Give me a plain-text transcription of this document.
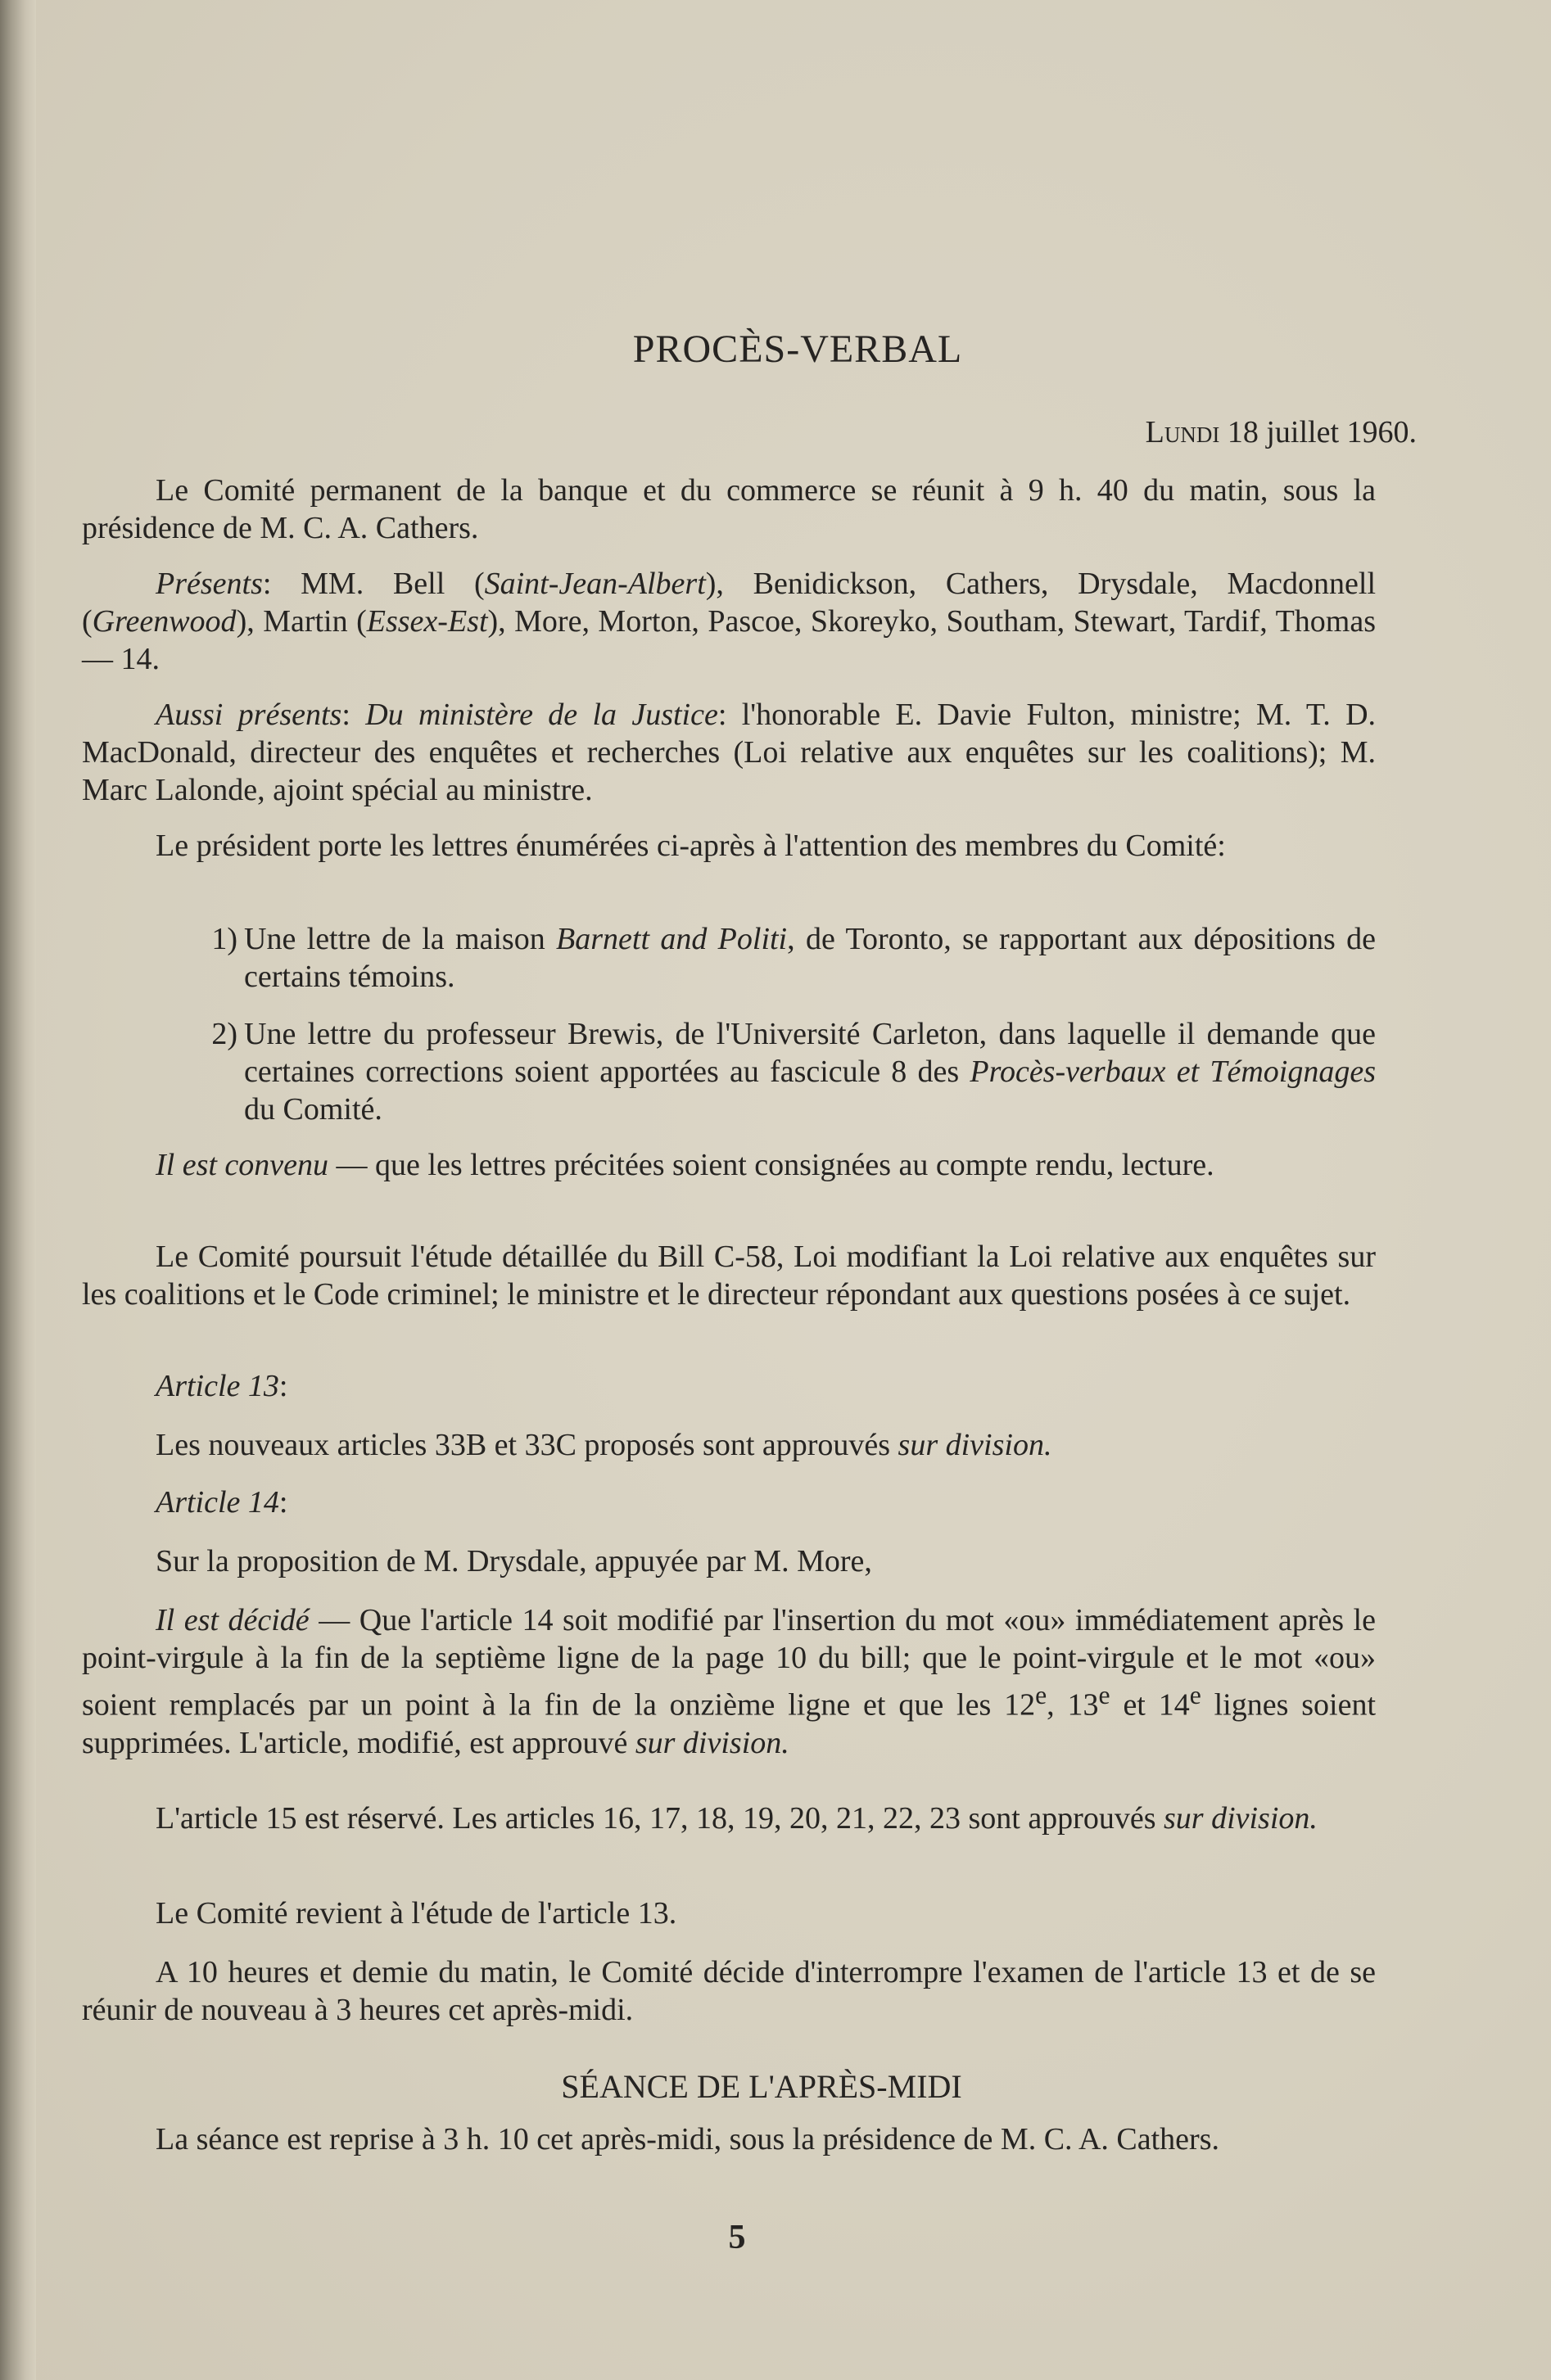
PROCÈS-VERBAL
Lundi 18 juillet 1960.

Le Comité permanent de la banque et du commerce se réunit à 9 h. 40 du matin, sous la présidence de M. C. A. Cathers.

Présents: MM. Bell (Saint-Jean-Albert), Benidickson, Cathers, Drysdale, Macdonnell (Greenwood), Martin (Essex-Est), More, Morton, Pascoe, Skoreyko, Southam, Stewart, Tardif, Thomas — 14.

Aussi présents: Du ministère de la Justice: l'honorable E. Davie Fulton, ministre; M. T. D. MacDonald, directeur des enquêtes et recherches (Loi relative aux enquêtes sur les coalitions); M. Marc Lalonde, ajoint spécial au ministre.

Le président porte les lettres énumérées ci-après à l'attention des membres du Comité:

1) Une lettre de la maison Barnett and Politi, de Toronto, se rapportant aux dépositions de certains témoins.
2) Une lettre du professeur Brewis, de l'Université Carleton, dans laquelle il demande que certaines corrections soient apportées au fascicule 8 des Procès-verbaux et Témoignages du Comité.

Il est convenu — que les lettres précitées soient consignées au compte rendu, lecture.

Le Comité poursuit l'étude détaillée du Bill C-58, Loi modifiant la Loi relative aux enquêtes sur les coalitions et le Code criminel; le ministre et le directeur répondant aux questions posées à ce sujet.

Article 13:

Les nouveaux articles 33B et 33C proposés sont approuvés sur division.

Article 14:

Sur la proposition de M. Drysdale, appuyée par M. More,

Il est décidé — Que l'article 14 soit modifié par l'insertion du mot «ou» immédiatement après le point-virgule à la fin de la septième ligne de la page 10 du bill; que le point-virgule et le mot «ou» soient remplacés par un point à la fin de la onzième ligne et que les 12e, 13e et 14e lignes soient supprimées. L'article, modifié, est approuvé sur division.

L'article 15 est réservé. Les articles 16, 17, 18, 19, 20, 21, 22, 23 sont approuvés sur division.

Le Comité revient à l'étude de l'article 13.

A 10 heures et demie du matin, le Comité décide d'interrompre l'examen de l'article 13 et de se réunir de nouveau à 3 heures cet après-midi.

SÉANCE DE L'APRÈS-MIDI

La séance est reprise à 3 h. 10 cet après-midi, sous la présidence de M. C. A. Cathers.

5
